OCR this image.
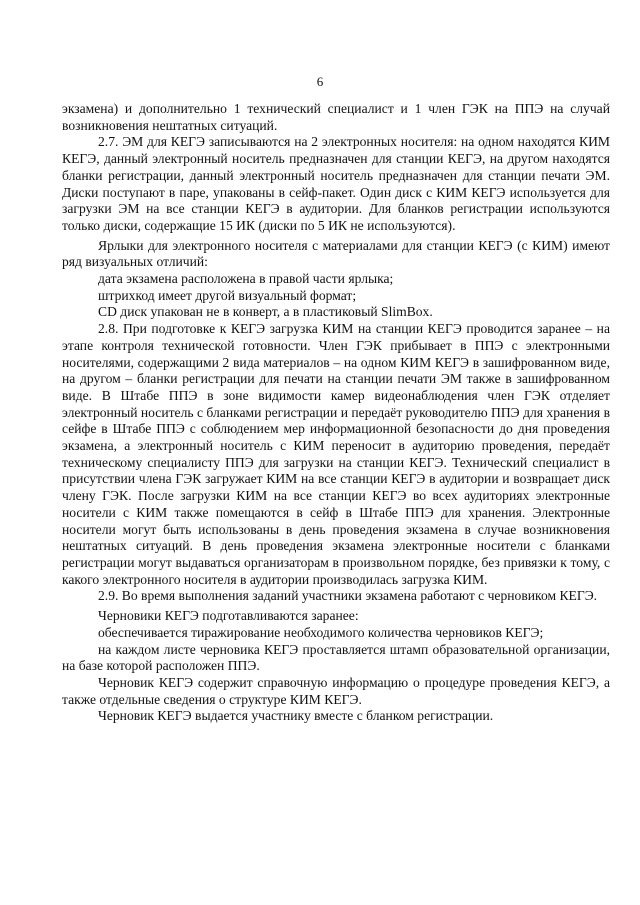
6

экзамена) и дополнительно 1 технический специалист и 1 член ГЭК на ППЭ на случай возникновения нештатных ситуаций.

2.7. ЭМ для КЕГЭ записываются на 2 электронных носителя: на одном находятся КИМ КЕГЭ, данный электронный носитель предназначен для станции КЕГЭ, на другом находятся бланки регистрации, данный электронный носитель предназначен для станции печати ЭМ. Диски поступают в паре, упакованы в сейф-пакет. Один диск с КИМ КЕГЭ используется для загрузки ЭМ на все станции КЕГЭ в аудитории. Для бланков регистрации используются только диски, содержащие 15 ИК (диски по 5 ИК не используются).

Ярлыки для электронного носителя с материалами для станции КЕГЭ (с КИМ) имеют ряд визуальных отличий:

дата экзамена расположена в правой части ярлыка;

штрихкод имеет другой визуальный формат;

CD диск упакован не в конверт, а в пластиковый SlimBox.

2.8. При подготовке к КЕГЭ загрузка КИМ на станции КЕГЭ проводится заранее – на этапе контроля технической готовности. Член ГЭК прибывает в ППЭ с электронными носителями, содержащими 2 вида материалов – на одном КИМ КЕГЭ в зашифрованном виде, на другом – бланки регистрации для печати на станции печати ЭМ также в зашифрованном виде. В Штабе ППЭ в зоне видимости камер видеонаблюдения член ГЭК отделяет электронный носитель с бланками регистрации и передаёт руководителю ППЭ для хранения в сейфе в Штабе ППЭ с соблюдением мер информационной безопасности до дня проведения экзамена, а электронный носитель с КИМ переносит в аудиторию проведения, передаёт техническому специалисту ППЭ для загрузки на станции КЕГЭ. Технический специалист в присутствии члена ГЭК загружает КИМ на все станции КЕГЭ в аудитории и возвращает диск члену ГЭК. После загрузки КИМ на все станции КЕГЭ во всех аудиториях электронные носители с КИМ также помещаются в сейф в Штабе ППЭ для хранения. Электронные носители могут быть использованы в день проведения экзамена в случае возникновения нештатных ситуаций. В день проведения экзамена электронные носители с бланками регистрации могут выдаваться организаторам в произвольном порядке, без привязки к тому, с какого электронного носителя в аудитории производилась загрузка КИМ.

2.9. Во время выполнения заданий участники экзамена работают с черновиком КЕГЭ.

Черновики КЕГЭ подготавливаются заранее:

обеспечивается тиражирование необходимого количества черновиков КЕГЭ;

на каждом листе черновика КЕГЭ проставляется штамп образовательной организации, на базе которой расположен ППЭ.

Черновик КЕГЭ содержит справочную информацию о процедуре проведения КЕГЭ, а также отдельные сведения о структуре КИМ КЕГЭ.

Черновик КЕГЭ выдается участнику вместе с бланком регистрации.
